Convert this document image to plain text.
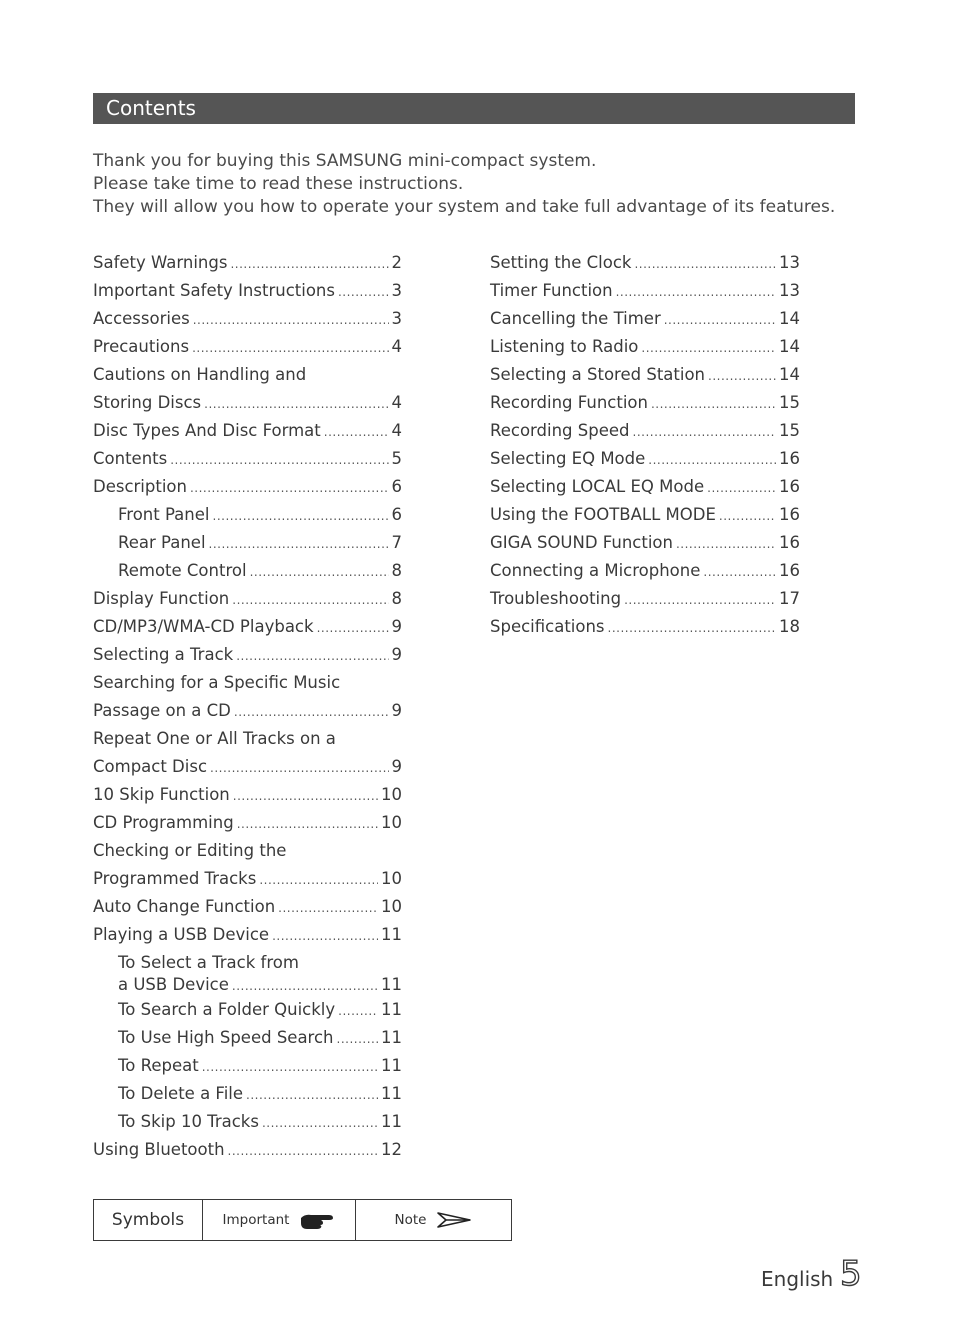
Contents
Thank you for buying this SAMSUNG mini-compact system.
Please take time to read these instructions.
They will allow you how to operate your system and take full advantage of its features.
Safety Warnings .....	2
Important Safety Instructions .....	3
Accessories .....	3
Precautions .....	4
Cautions on Handling and
Storing Discs .....	4
Disc Types And Disc Format .....	4
Contents .....	5
Description .....	6
Front Panel .....	6
Rear Panel .....	7
Remote Control .....	8
Display Function .....	8
CD/MP3/WMA-CD Playback .....	9
Selecting a Track .....	9
Searching for a Specific Music
Passage on a CD .....	9
Repeat One or All Tracks on a
Compact Disc .....	9
10 Skip Function .....	10
CD Programming .....	10
Checking or Editing the
Programmed Tracks .....	10
Auto Change Function .....	10
Playing a USB Device .....	11
To Select a Track from
a USB Device .....	11
To Search a Folder Quickly .....	11
To Use High Speed Search .....	11
To Repeat .....	11
To Delete a File .....	11
To Skip 10 Tracks .....	11
Using Bluetooth .....	12
Setting the Clock .....	13
Timer Function .....	13
Cancelling the Timer .....	14
Listening to Radio .....	14
Selecting a Stored Station .....	14
Recording Function .....	15
Recording Speed .....	15
Selecting EQ Mode .....	16
Selecting LOCAL EQ Mode .....	16
Using the FOOTBALL MODE .....	16
GIGA SOUND Function .....	16
Connecting a Microphone .....	16
Troubleshooting .....	17
Specifications .....	18
Symbols	Important	Note
English 5
